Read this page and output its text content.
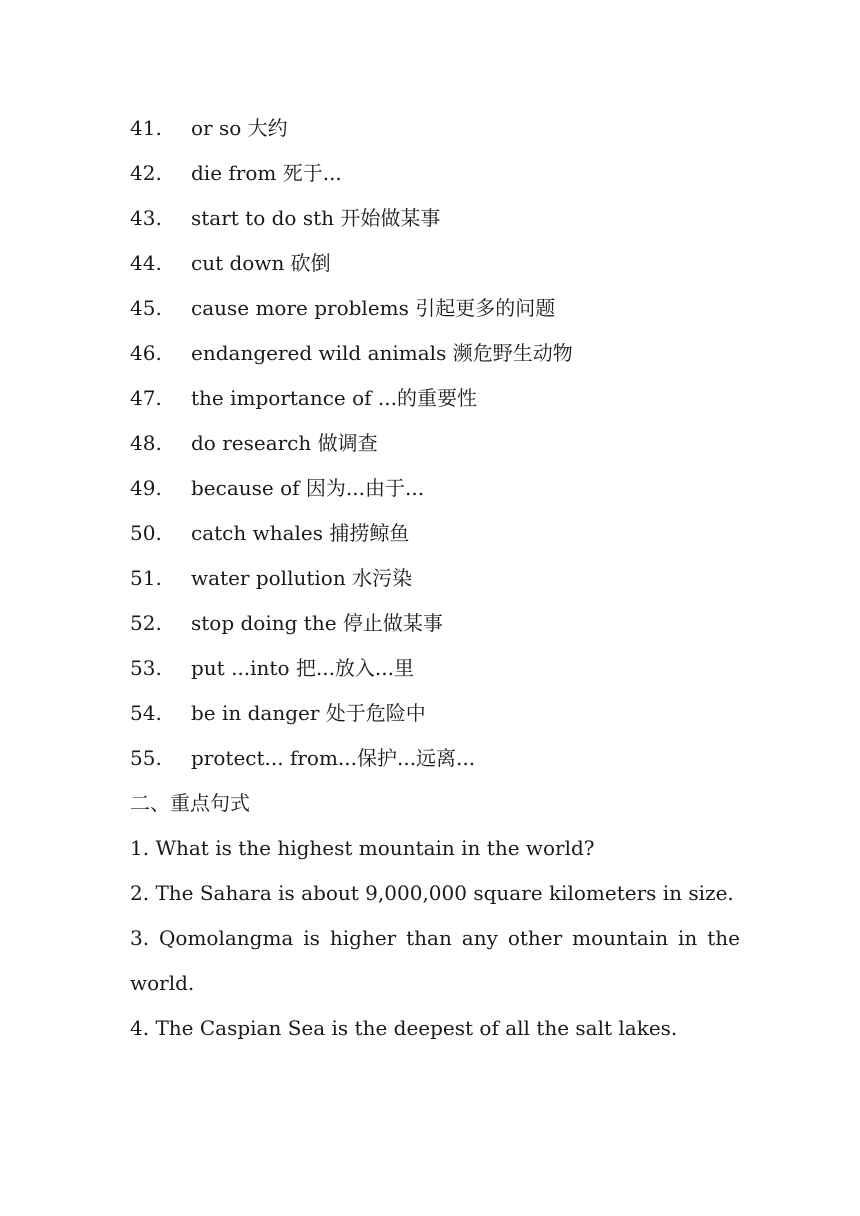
41.	or so 大约
42.	die from 死于...
43.	start to do sth 开始做某事
44.	cut down 砍倒
45.	cause more problems 引起更多的问题
46.	endangered wild animals 濒危野生动物
47.	the importance of ...的重要性
48.	do research 做调查
49.	because of 因为...由于...
50.	catch whales 捕捞鲸鱼
51.	water pollution 水污染
52.	stop doing the 停止做某事
53.	put ...into 把...放入...里
54.	be in danger 处于危险中
55.	protect... from...保护...远离...
二、重点句式

1. What is the highest mountain in the world?

2. The Sahara is about 9,000,000 square kilometers in size.

3. Qomolangma is higher than any other mountain in the world.

4. The Caspian Sea is the deepest of all the salt lakes.
